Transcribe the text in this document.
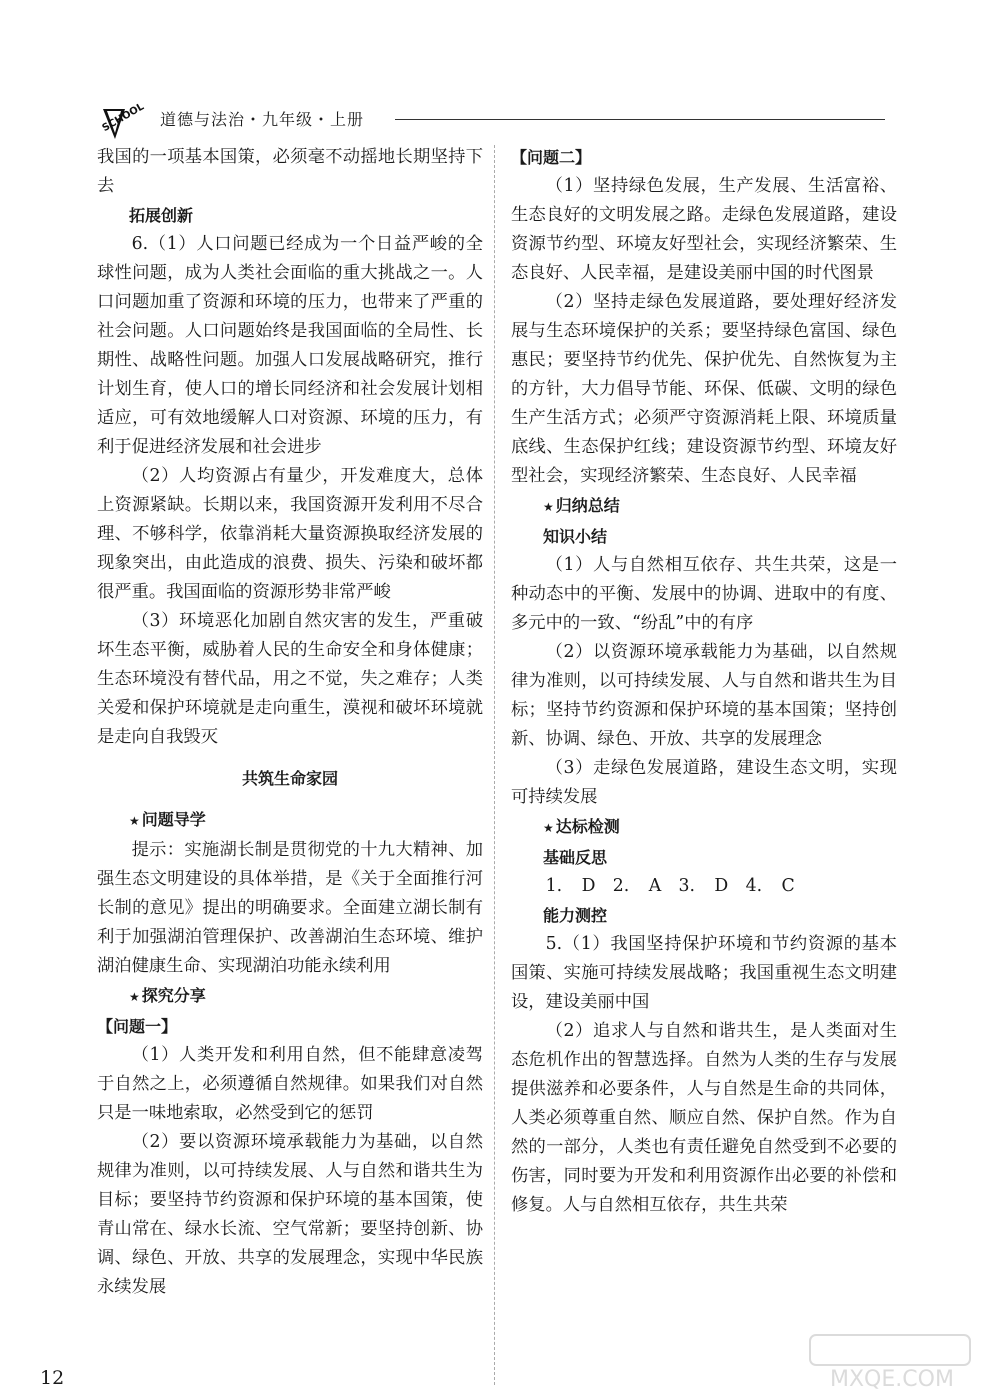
SCHOOL 道德与法治・九年级・上册

我国的一项基本国策，必须毫不动摇地长期坚持下去

拓展创新

6.（1）人口问题已经成为一个日益严峻的全球性问题，成为人类社会面临的重大挑战之一。人口问题加重了资源和环境的压力，也带来了严重的社会问题。人口问题始终是我国面临的全局性、长期性、战略性问题。加强人口发展战略研究，推行计划生育，使人口的增长同经济和社会发展计划相适应，可有效地缓解人口对资源、环境的压力，有利于促进经济发展和社会进步

（2）人均资源占有量少，开发难度大，总体上资源紧缺。长期以来，我国资源开发利用不尽合理、不够科学，依靠消耗大量资源换取经济发展的现象突出，由此造成的浪费、损失、污染和破坏都很严重。我国面临的资源形势非常严峻

（3）环境恶化加剧自然灾害的发生，严重破坏生态平衡，威胁着人民的生命安全和身体健康；生态环境没有替代品，用之不觉，失之难存；人类关爱和保护环境就是走向重生，漠视和破坏环境就是走向自我毁灭

共筑生命家园

★ 问题导学

提示：实施湖长制是贯彻党的十九大精神、加强生态文明建设的具体举措，是《关于全面推行河长制的意见》提出的明确要求。全面建立湖长制有利于加强湖泊管理保护、改善湖泊生态环境、维护湖泊健康生命、实现湖泊功能永续利用

★ 探究分享

【问题一】

（1）人类开发和利用自然，但不能肆意凌驾于自然之上，必须遵循自然规律。如果我们对自然只是一味地索取，必然受到它的惩罚

（2）要以资源环境承载能力为基础，以自然规律为准则，以可持续发展、人与自然和谐共生为目标；要坚持节约资源和保护环境的基本国策，使青山常在、绿水长流、空气常新；要坚持创新、协调、绿色、开放、共享的发展理念，实现中华民族永续发展

【问题二】

（1）坚持绿色发展，生产发展、生活富裕、生态良好的文明发展之路。走绿色发展道路，建设资源节约型、环境友好型社会，实现经济繁荣、生态良好、人民幸福，是建设美丽中国的时代图景

（2）坚持走绿色发展道路，要处理好经济发展与生态环境保护的关系；要坚持绿色富国、绿色惠民；要坚持节约优先、保护优先、自然恢复为主的方针，大力倡导节能、环保、低碳、文明的绿色生产生活方式；必须严守资源消耗上限、环境质量底线、生态保护红线；建设资源节约型、环境友好型社会，实现经济繁荣、生态良好、人民幸福

★ 归纳总结

知识小结

（1）人与自然相互依存、共生共荣，这是一种动态中的平衡、发展中的协调、进取中的有度、多元中的一致、“纷乱”中的有序

（2）以资源环境承载能力为基础，以自然规律为准则，以可持续发展、人与自然和谐共生为目标；坚持节约资源和保护环境的基本国策；坚持创新、协调、绿色、开放、共享的发展理念

（3）走绿色发展道路，建设生态文明，实现可持续发展

★ 达标检测

基础反思

1. D　2. A　3. D　4. C

能力测控

5.（1）我国坚持保护环境和节约资源的基本国策、实施可持续发展战略；我国重视生态文明建设，建设美丽中国

（2）追求人与自然和谐共生，是人类面对生态危机作出的智慧选择。自然为人类的生存与发展提供滋养和必要条件，人与自然是生命的共同体，人类必须尊重自然、顺应自然、保护自然。作为自然的一部分，人类也有责任避免自然受到不必要的伤害，同时要为开发和利用资源作出必要的补偿和修复。人与自然相互依存，共生共荣

12	MXQE.COM
